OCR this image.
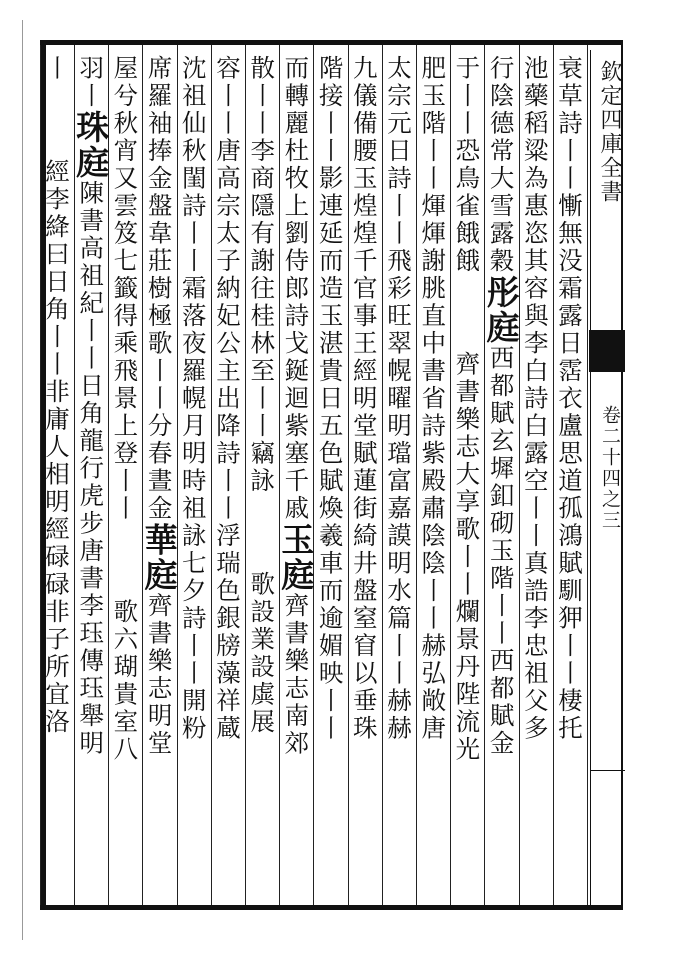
欽定四庫全書
卷二十四之三
衰草詩丨丨慚無没霜露日霑衣盧思道孤鴻賦馴狎丨丨棲托
池藥稻粱為惠恣其容與李白詩白露空丨丨真誥李忠祖父多
行陰德常大雪露穀彤庭西都賦玄墀釦砌玉階丨丨西都賦金
于丨丨恐鳥雀餓餓齊書樂志大享歌丨丨爛景丹陛流光
肥玉階丨丨煇煇謝朓直中書省詩紫殿肅陰陰丨丨赫弘敞唐
太宗元日詩丨丨飛彩旺翠幌曜明璫富嘉謨明水篇丨丨赫赫
九儀備腰玉煌煌千官事王經明堂賦蓮街綺井盤窒窅以垂珠
階接丨丨影連延而造玉湛貴日五色賦煥羲車而逾媚映丨丨
而轉麗杜牧上劉侍郎詩戈鋋迴紫塞千戚玉庭齊書樂志南郊
散丨丨李商隱有謝往桂林至丨丨竊詠歌設業設虡展
容丨丨唐高宗太子納妃公主出降詩丨丨浮瑞色銀牓藻祥蔵
沈祖仙秋閨詩丨丨霜落夜羅幌月明時祖詠七夕詩丨丨開粉
席羅袖捧金盤韋莊樹極歌丨丨分春晝金華庭齊書樂志明堂
屋兮秋宵又雲笈七籤得乘飛景上登丨丨歌六瑚貴室八
羽丨珠庭陳書高祖紀丨丨日角龍行虎步唐書李珏傳珏舉明
丨經李絳曰日角丨丨非庸人相明經碌碌非子所宜洛
